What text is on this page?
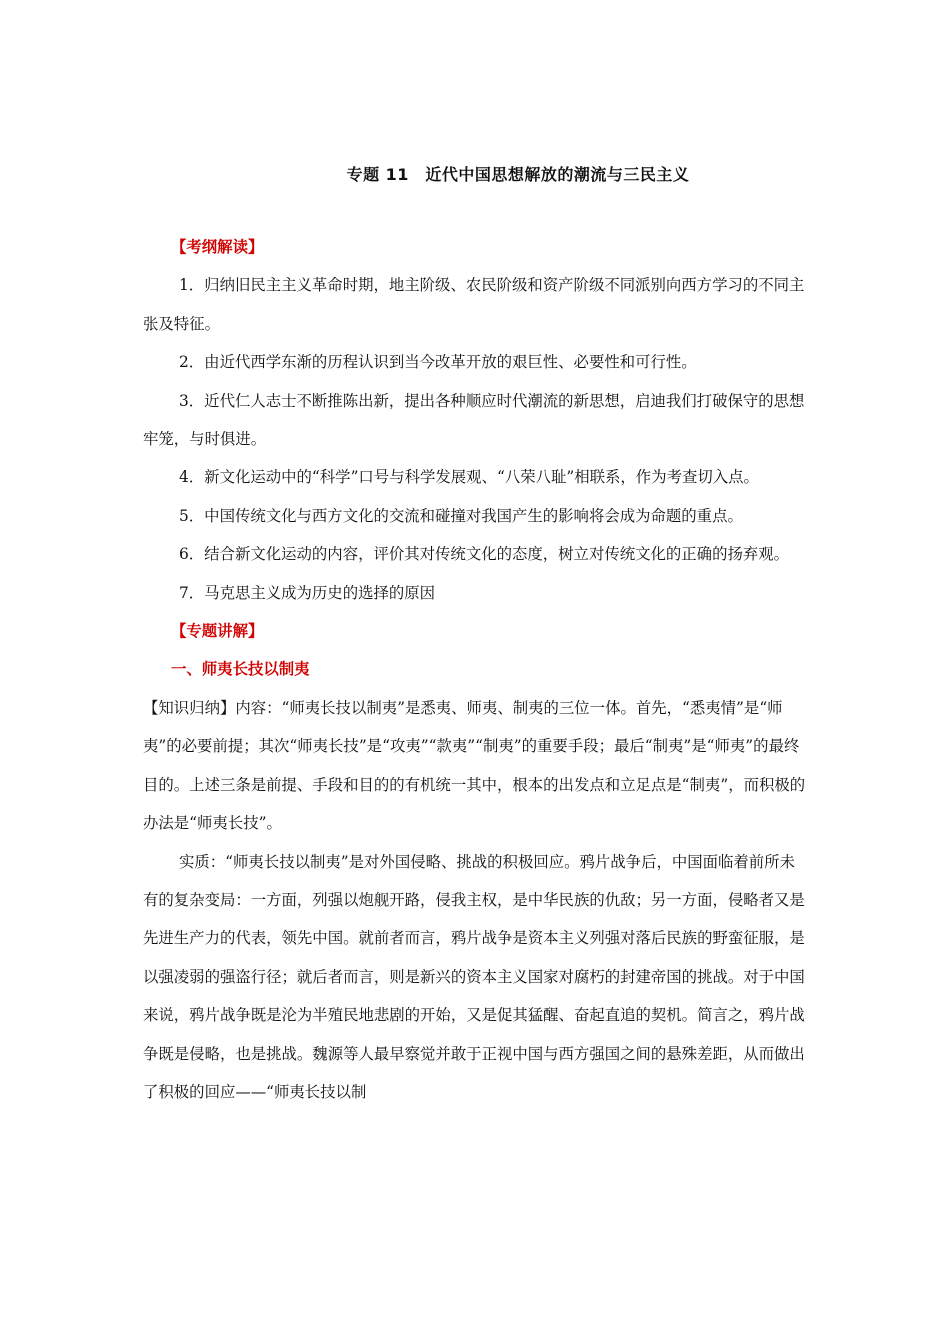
专题 11　近代中国思想解放的潮流与三民主义

【考纲解读】

1．归纳旧民主主义革命时期，地主阶级、农民阶级和资产阶级不同派别向西方学习的不同主张及特征。

2．由近代西学东渐的历程认识到当今改革开放的艰巨性、必要性和可行性。

3．近代仁人志士不断推陈出新，提出各种顺应时代潮流的新思想，启迪我们打破保守的思想牢笼，与时俱进。

4．新文化运动中的“科学”口号与科学发展观、“八荣八耻”相联系，作为考查切入点。

5．中国传统文化与西方文化的交流和碰撞对我国产生的影响将会成为命题的重点。

6．结合新文化运动的内容，评价其对传统文化的态度，树立对传统文化的正确的扬弃观。

7．马克思主义成为历史的选择的原因

【专题讲解】

一、师夷长技以制夷

【知识归纳】内容：“师夷长技以制夷”是悉夷、师夷、制夷的三位一体。首先，“悉夷情”是“师夷”的必要前提；其次“师夷长技”是“攻夷”“款夷”“制夷”的重要手段；最后“制夷”是“师夷”的最终目的。上述三条是前提、手段和目的的有机统一其中，根本的出发点和立足点是“制夷”，而积极的办法是“师夷长技”。

实质：“师夷长技以制夷”是对外国侵略、挑战的积极回应。鸦片战争后，中国面临着前所未有的复杂变局：一方面，列强以炮舰开路，侵我主权，是中华民族的仇敌；另一方面，侵略者又是先进生产力的代表，领先中国。就前者而言，鸦片战争是资本主义列强对落后民族的野蛮征服，是以强凌弱的强盗行径；就后者而言，则是新兴的资本主义国家对腐朽的封建帝国的挑战。对于中国来说，鸦片战争既是沦为半殖民地悲剧的开始，又是促其猛醒、奋起直追的契机。简言之，鸦片战争既是侵略，也是挑战。魏源等人最早察觉并敢于正视中国与西方强国之间的悬殊差距，从而做出了积极的回应——“师夷长技以制
